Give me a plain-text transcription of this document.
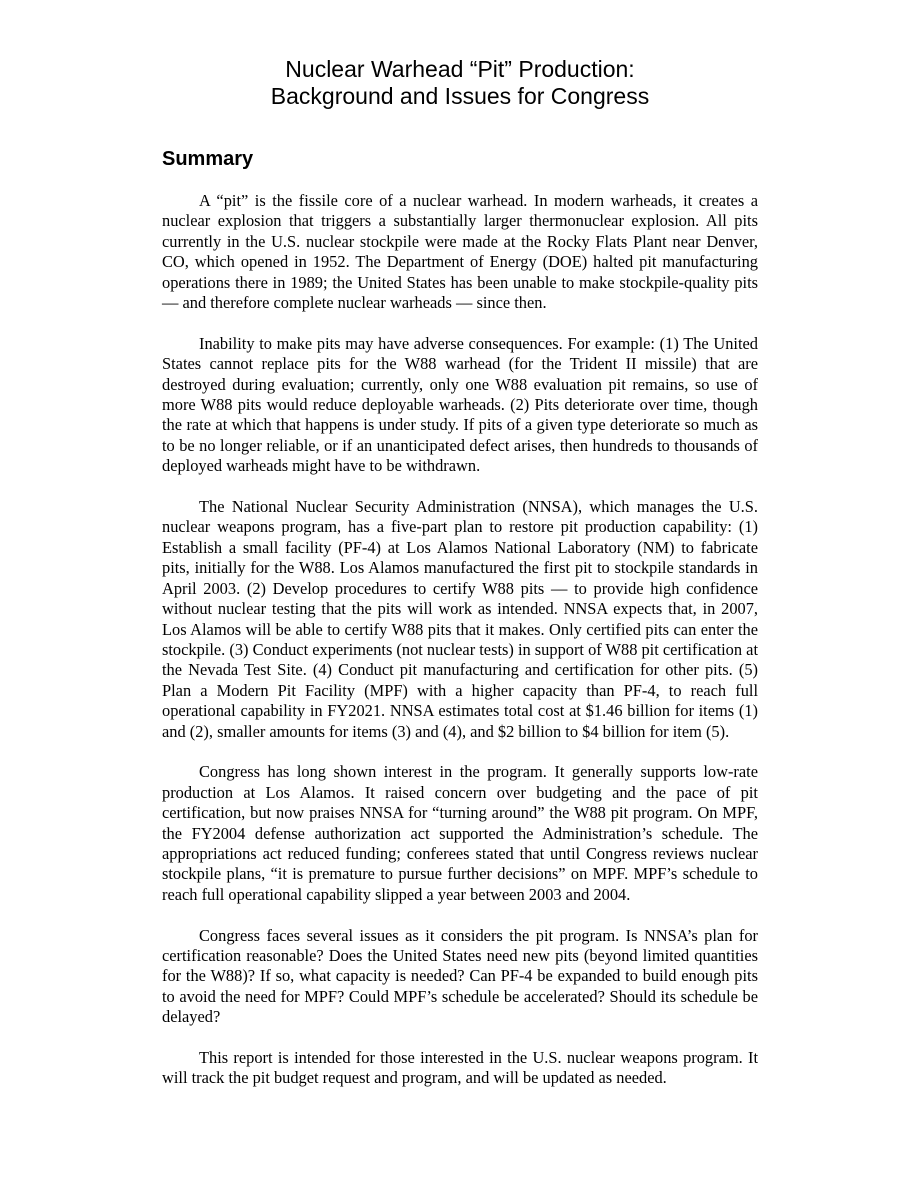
Nuclear Warhead “Pit” Production:
Background and Issues for Congress
Summary

A “pit” is the fissile core of a nuclear warhead. In modern warheads, it creates a nuclear explosion that triggers a substantially larger thermonuclear explosion. All pits currently in the U.S. nuclear stockpile were made at the Rocky Flats Plant near Denver, CO, which opened in 1952. The Department of Energy (DOE) halted pit manufacturing operations there in 1989; the United States has been unable to make stockpile-quality pits — and therefore complete nuclear warheads — since then.

Inability to make pits may have adverse consequences. For example: (1) The United States cannot replace pits for the W88 warhead (for the Trident II missile) that are destroyed during evaluation; currently, only one W88 evaluation pit remains, so use of more W88 pits would reduce deployable warheads. (2) Pits deteriorate over time, though the rate at which that happens is under study. If pits of a given type deteriorate so much as to be no longer reliable, or if an unanticipated defect arises, then hundreds to thousands of deployed warheads might have to be withdrawn.

The National Nuclear Security Administration (NNSA), which manages the U.S. nuclear weapons program, has a five-part plan to restore pit production capability: (1) Establish a small facility (PF-4) at Los Alamos National Laboratory (NM) to fabricate pits, initially for the W88. Los Alamos manufactured the first pit to stockpile standards in April 2003. (2) Develop procedures to certify W88 pits — to provide high confidence without nuclear testing that the pits will work as intended. NNSA expects that, in 2007, Los Alamos will be able to certify W88 pits that it makes. Only certified pits can enter the stockpile. (3) Conduct experiments (not nuclear tests) in support of W88 pit certification at the Nevada Test Site. (4) Conduct pit manufacturing and certification for other pits. (5) Plan a Modern Pit Facility (MPF) with a higher capacity than PF-4, to reach full operational capability in FY2021. NNSA estimates total cost at $1.46 billion for items (1) and (2), smaller amounts for items (3) and (4), and $2 billion to $4 billion for item (5).

Congress has long shown interest in the program. It generally supports low-rate production at Los Alamos. It raised concern over budgeting and the pace of pit certification, but now praises NNSA for “turning around” the W88 pit program. On MPF, the FY2004 defense authorization act supported the Administration’s schedule. The appropriations act reduced funding; conferees stated that until Congress reviews nuclear stockpile plans, “it is premature to pursue further decisions” on MPF. MPF’s schedule to reach full operational capability slipped a year between 2003 and 2004.

Congress faces several issues as it considers the pit program. Is NNSA’s plan for certification reasonable? Does the United States need new pits (beyond limited quantities for the W88)? If so, what capacity is needed? Can PF-4 be expanded to build enough pits to avoid the need for MPF? Could MPF’s schedule be accelerated? Should its schedule be delayed?

This report is intended for those interested in the U.S. nuclear weapons program. It will track the pit budget request and program, and will be updated as needed.
